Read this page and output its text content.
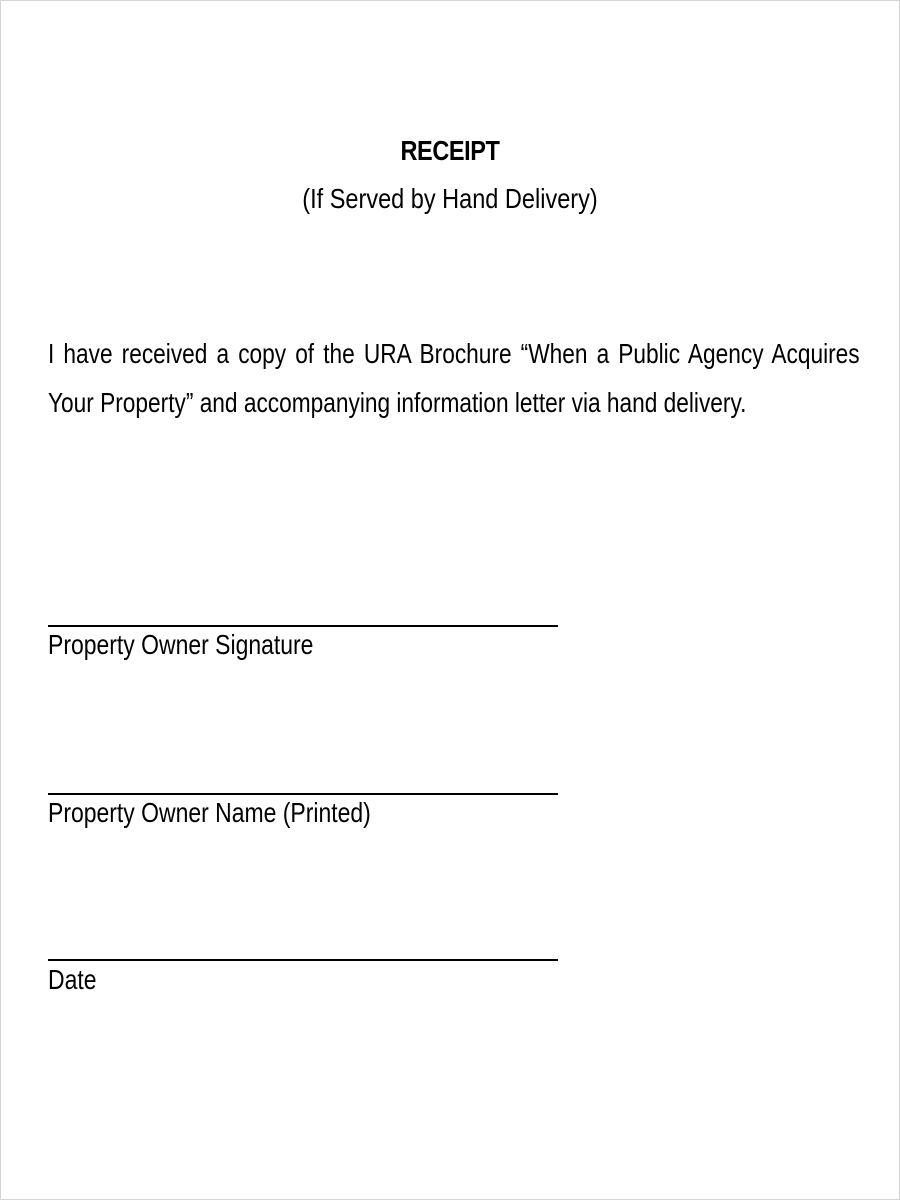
RECEIPT
(If Served by Hand Delivery)
I have received a copy of the URA Brochure “When a Public Agency Acquires Your Property” and accompanying information letter via hand delivery.
Property Owner Signature
Property Owner Name (Printed)
Date
